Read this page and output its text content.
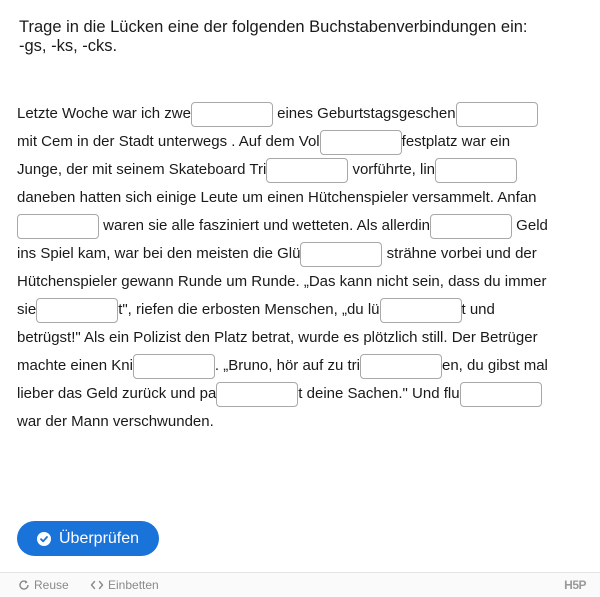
Trage in die Lücken eine der folgenden Buchstabenverbindungen ein:
-gs, -ks, -cks.
Letzte Woche war ich zwe	eines Geburtstagsgeschen
mit Cem in der Stadt unterwegs . Auf dem Vol	festplatz war ein
Junge, der mit seinem Skateboard Tri	vorführte, lin
daneben hatten sich einige Leute um einen Hütchenspieler versammelt. Anfan
waren sie alle fasziniert und wetteten. Als allerdin	Geld
ins Spiel kam, war bei den meisten die Glü	strähne vorbei und der
Hütchenspieler gewann Runde um Runde. „Das kann nicht sein, dass du immer
sie	t", riefen die erbosten Menschen, „du lü	t und
betrügst!" Als ein Polizist den Platz betrat, wurde es plötzlich still. Der Betrüger
machte einen Kni	. „Bruno, hör auf zu tri	en, du gibst mal
lieber das Geld zurück und pa	t deine Sachen." Und flu
war der Mann verschwunden.
Überprüfen
Reuse	Einbetten	H5P
